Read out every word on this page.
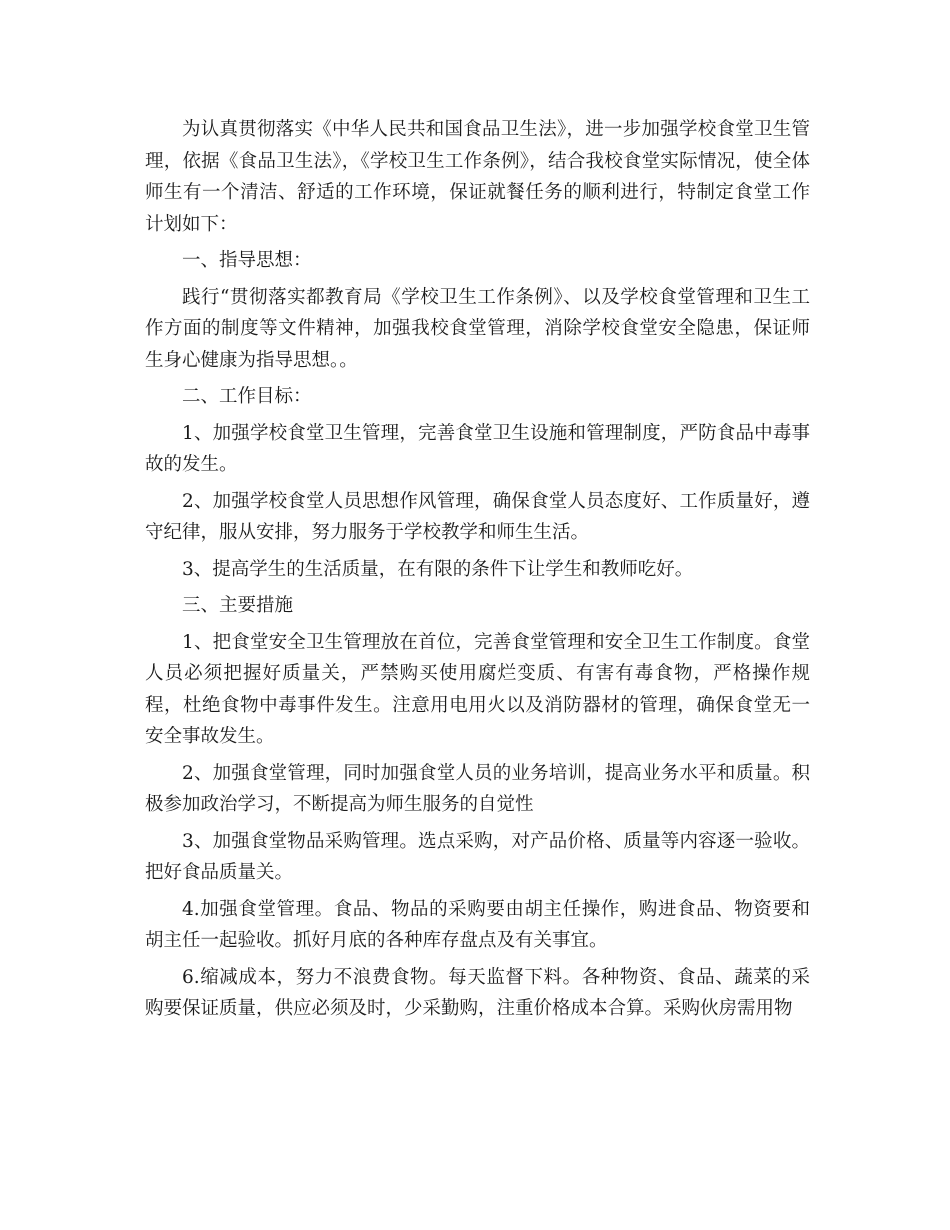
为认真贯彻落实《中华人民共和国食品卫生法》，进一步加强学校食堂卫生管理，依据《食品卫生法》，《学校卫生工作条例》，结合我校食堂实际情况，使全体师生有一个清洁、舒适的工作环境，保证就餐任务的顺利进行，特制定食堂工作计划如下：

一、指导思想：

践行“贯彻落实都教育局《学校卫生工作条例》、以及学校食堂管理和卫生工作方面的制度等文件精神，加强我校食堂管理，消除学校食堂安全隐患，保证师生身心健康为指导思想。。

二、工作目标：

1、加强学校食堂卫生管理，完善食堂卫生设施和管理制度，严防食品中毒事故的发生。

2、加强学校食堂人员思想作风管理，确保食堂人员态度好、工作质量好，遵守纪律，服从安排，努力服务于学校教学和师生生活。

3、提高学生的生活质量，在有限的条件下让学生和教师吃好。

三、主要措施

1、把食堂安全卫生管理放在首位，完善食堂管理和安全卫生工作制度。食堂人员必须把握好质量关，严禁购买使用腐烂变质、有害有毒食物，严格操作规程，杜绝食物中毒事件发生。注意用电用火以及消防器材的管理，确保食堂无一安全事故发生。

2、加强食堂管理，同时加强食堂人员的业务培训，提高业务水平和质量。积极参加政治学习，不断提高为师生服务的自觉性

3、加强食堂物品采购管理。选点采购，对产品价格、质量等内容逐一验收。把好食品质量关。

4.加强食堂管理。食品、物品的采购要由胡主任操作，购进食品、物资要和胡主任一起验收。抓好月底的各种库存盘点及有关事宜。

6.缩减成本，努力不浪费食物。每天监督下料。各种物资、食品、蔬菜的采购要保证质量，供应必须及时，少采勤购，注重价格成本合算。采购伙房需用物
